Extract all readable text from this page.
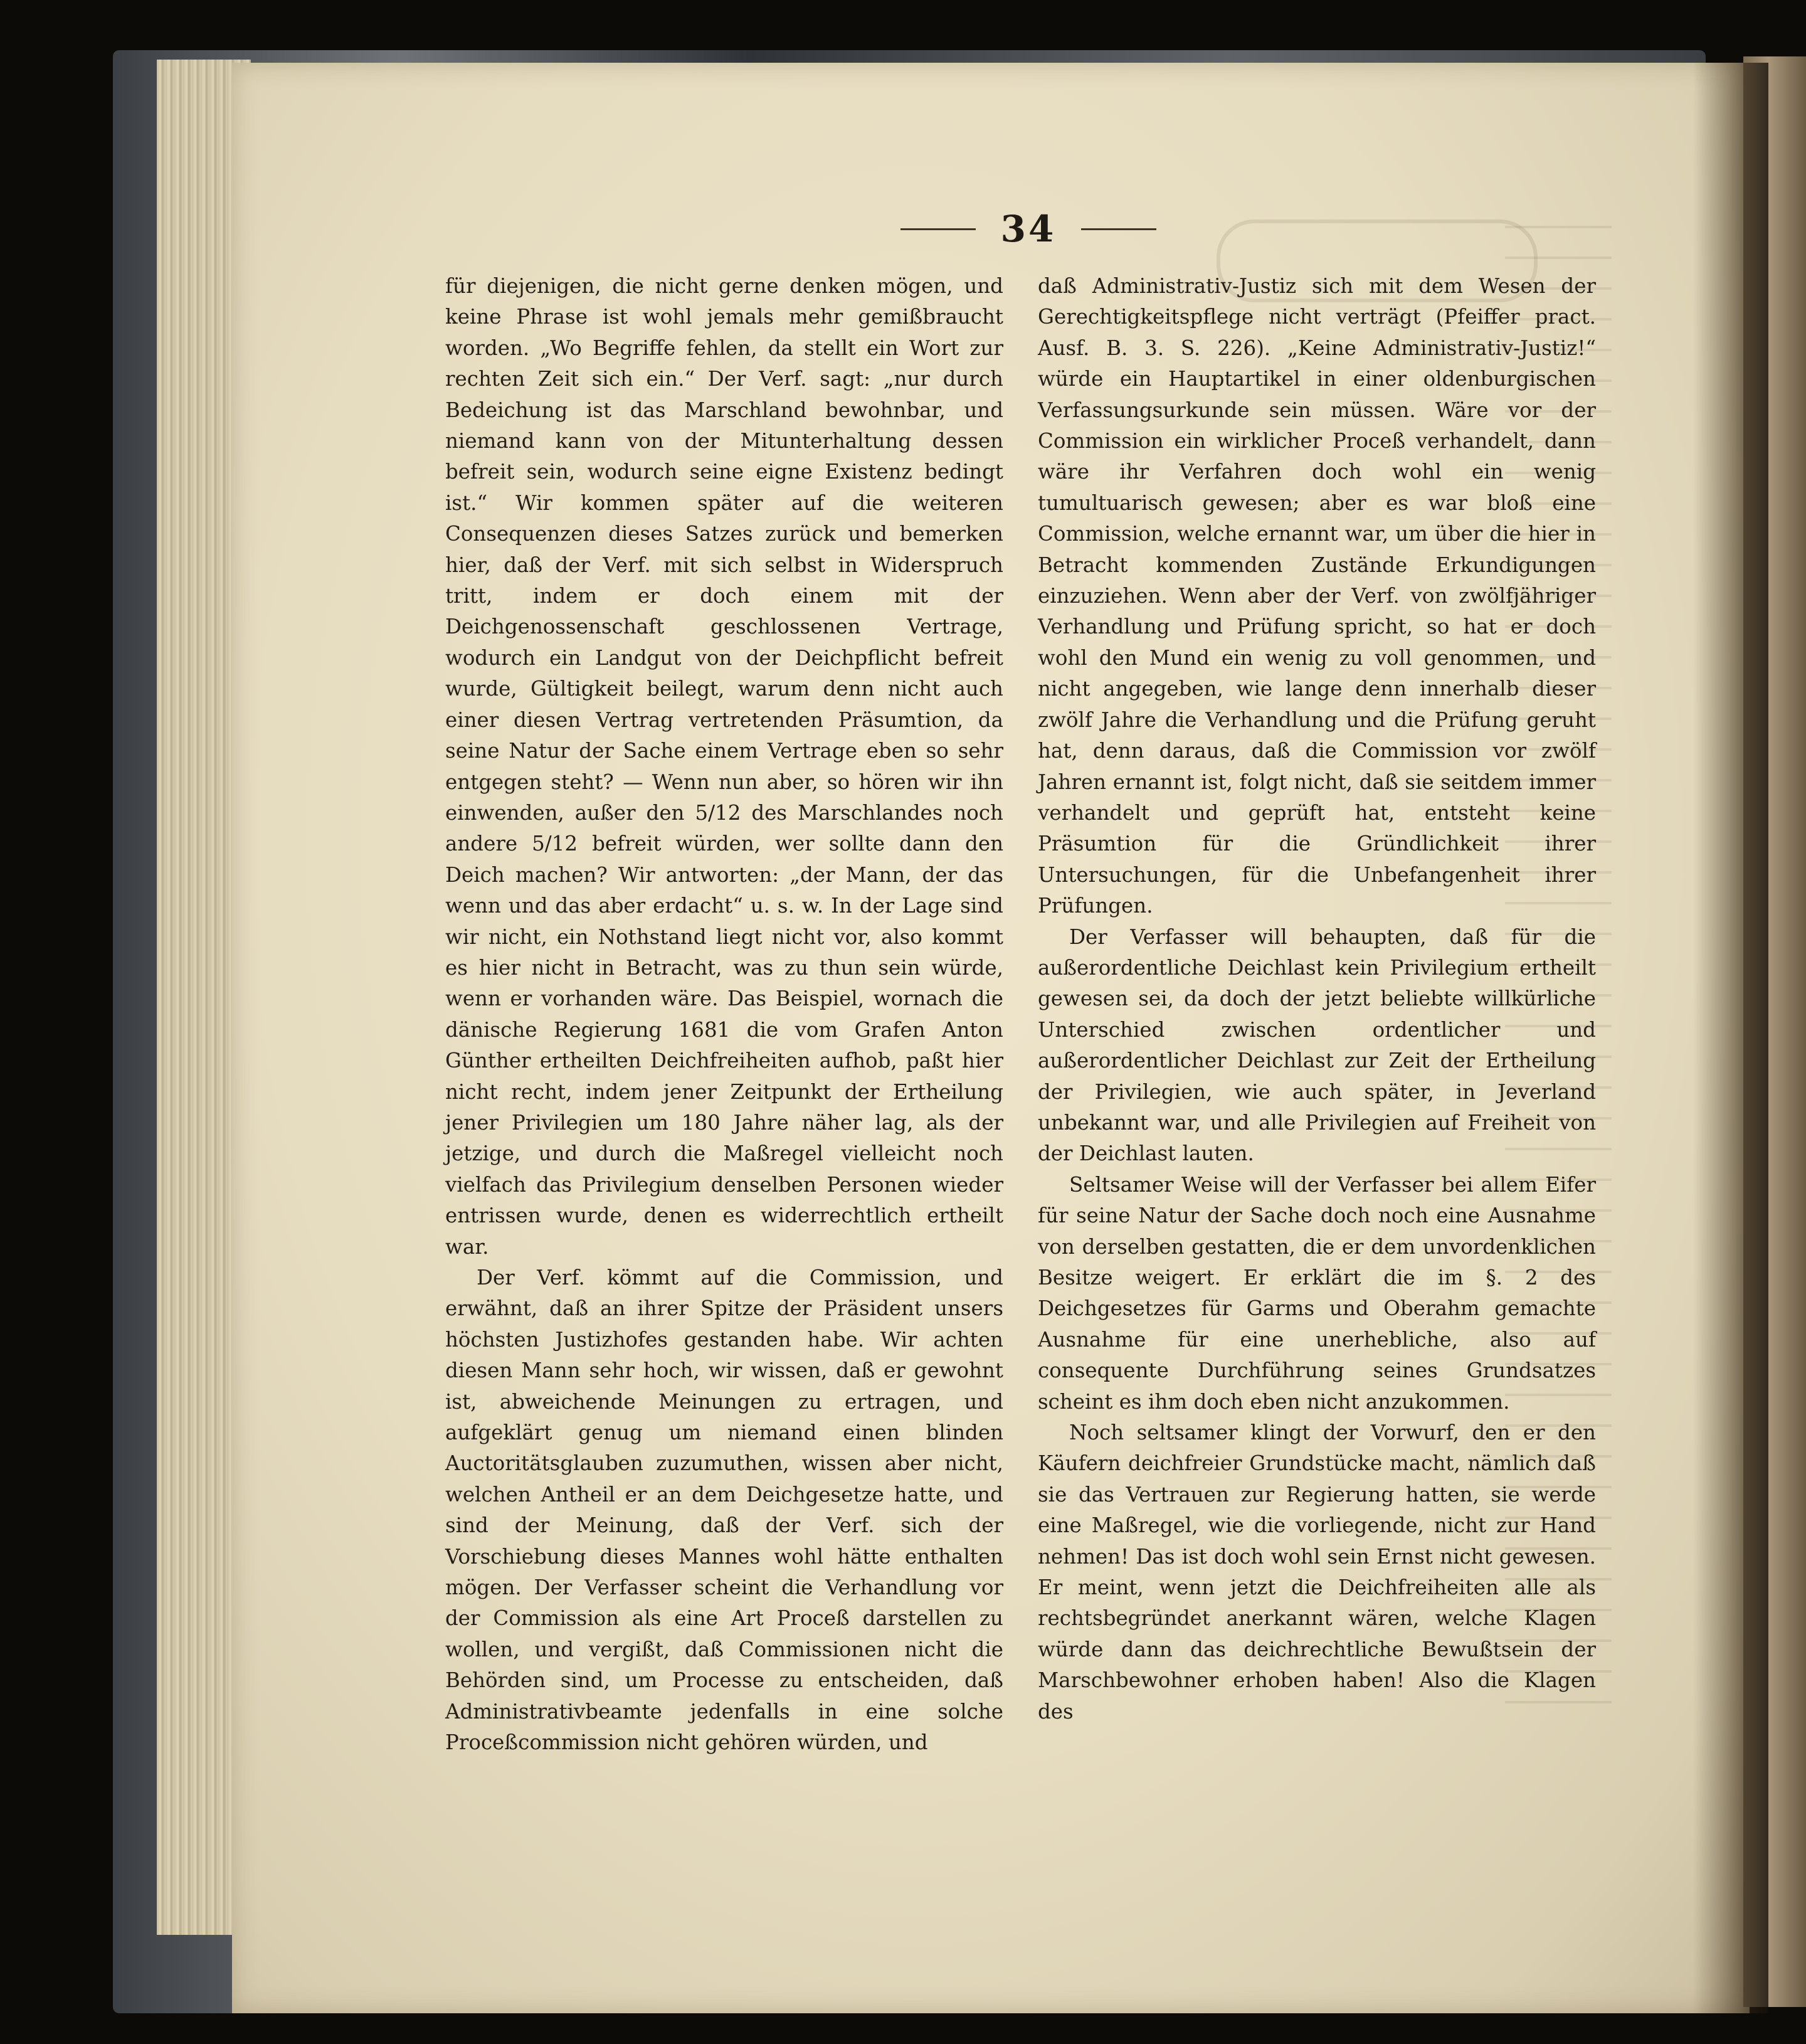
34

für diejenigen, die nicht gerne denken mögen, und keine Phrase ist wohl jemals mehr gemißbraucht worden. „Wo Begriffe fehlen, da stellt ein Wort zur rechten Zeit sich ein.“ Der Verf. sagt: „nur durch Bedeichung ist das Marschland bewohnbar, und niemand kann von der Mitunterhaltung dessen befreit sein, wodurch seine eigne Existenz bedingt ist.“ Wir kommen später auf die weiteren Consequenzen dieses Satzes zurück und bemerken hier, daß der Verf. mit sich selbst in Widerspruch tritt, indem er doch einem mit der Deichgenossenschaft geschlossenen Vertrage, wodurch ein Landgut von der Deichpflicht befreit wurde, Gültigkeit beilegt, warum denn nicht auch einer diesen Vertrag vertretenden Präsumtion, da seine Natur der Sache einem Vertrage eben so sehr entgegen steht? — Wenn nun aber, so hören wir ihn einwenden, außer den 5/12 des Marschlandes noch andere 5/12 befreit würden, wer sollte dann den Deich machen? Wir antworten: „der Mann, der das wenn und das aber erdacht“ u. s. w. In der Lage sind wir nicht, ein Nothstand liegt nicht vor, also kommt es hier nicht in Betracht, was zu thun sein würde, wenn er vorhanden wäre. Das Beispiel, wornach die dänische Regierung 1681 die vom Grafen Anton Günther ertheilten Deichfreiheiten aufhob, paßt hier nicht recht, indem jener Zeitpunkt der Ertheilung jener Privilegien um 180 Jahre näher lag, als der jetzige, und durch die Maßregel vielleicht noch vielfach das Privilegium denselben Personen wieder entrissen wurde, denen es widerrechtlich ertheilt war.

Der Verf. kömmt auf die Commission, und erwähnt, daß an ihrer Spitze der Präsident unsers höchsten Justizhofes gestanden habe. Wir achten diesen Mann sehr hoch, wir wissen, daß er gewohnt ist, abweichende Meinungen zu ertragen, und aufgeklärt genug um niemand einen blinden Auctoritätsglauben zuzumuthen, wissen aber nicht, welchen Antheil er an dem Deichgesetze hatte, und sind der Meinung, daß der Verf. sich der Vorschiebung dieses Mannes wohl hätte enthalten mögen. Der Verfasser scheint die Verhandlung vor der Commission als eine Art Proceß darstellen zu wollen, und vergißt, daß Commissionen nicht die Behörden sind, um Processe zu entscheiden, daß Administrativbeamte jedenfalls in eine solche Proceßcommission nicht gehören würden, und

daß Administrativ-Justiz sich mit dem Wesen der Gerechtigkeitspflege nicht verträgt (Pfeiffer pract. Ausf. B. 3. S. 226). „Keine Administrativ-Justiz!“ würde ein Hauptartikel in einer oldenburgischen Verfassungsurkunde sein müssen. Wäre vor der Commission ein wirklicher Proceß verhandelt, dann wäre ihr Verfahren doch wohl ein wenig tumultuarisch gewesen; aber es war bloß eine Commission, welche ernannt war, um über die hier in Betracht kommenden Zustände Erkundigungen einzuziehen. Wenn aber der Verf. von zwölfjähriger Verhandlung und Prüfung spricht, so hat er doch wohl den Mund ein wenig zu voll genommen, und nicht angegeben, wie lange denn innerhalb dieser zwölf Jahre die Verhandlung und die Prüfung geruht hat, denn daraus, daß die Commission vor zwölf Jahren ernannt ist, folgt nicht, daß sie seitdem immer verhandelt und geprüft hat, entsteht keine Präsumtion für die Gründlichkeit ihrer Untersuchungen, für die Unbefangenheit ihrer Prüfungen.

Der Verfasser will behaupten, daß für die außerordentliche Deichlast kein Privilegium ertheilt gewesen sei, da doch der jetzt beliebte willkürliche Unterschied zwischen ordentlicher und außerordentlicher Deichlast zur Zeit der Ertheilung der Privilegien, wie auch später, in Jeverland unbekannt war, und alle Privilegien auf Freiheit von der Deichlast lauten.

Seltsamer Weise will der Verfasser bei allem Eifer für seine Natur der Sache doch noch eine Ausnahme von derselben gestatten, die er dem unvordenklichen Besitze weigert. Er erklärt die im §. 2 des Deichgesetzes für Garms und Oberahm gemachte Ausnahme für eine unerhebliche, also auf consequente Durchführung seines Grundsatzes scheint es ihm doch eben nicht anzukommen.

Noch seltsamer klingt der Vorwurf, den er den Käufern deichfreier Grundstücke macht, nämlich daß sie das Vertrauen zur Regierung hatten, sie werde eine Maßregel, wie die vorliegende, nicht zur Hand nehmen! Das ist doch wohl sein Ernst nicht gewesen. Er meint, wenn jetzt die Deichfreiheiten alle als rechtsbegründet anerkannt wären, welche Klagen würde dann das deichrechtliche Bewußtsein der Marschbewohner erhoben haben! Also die Klagen des
